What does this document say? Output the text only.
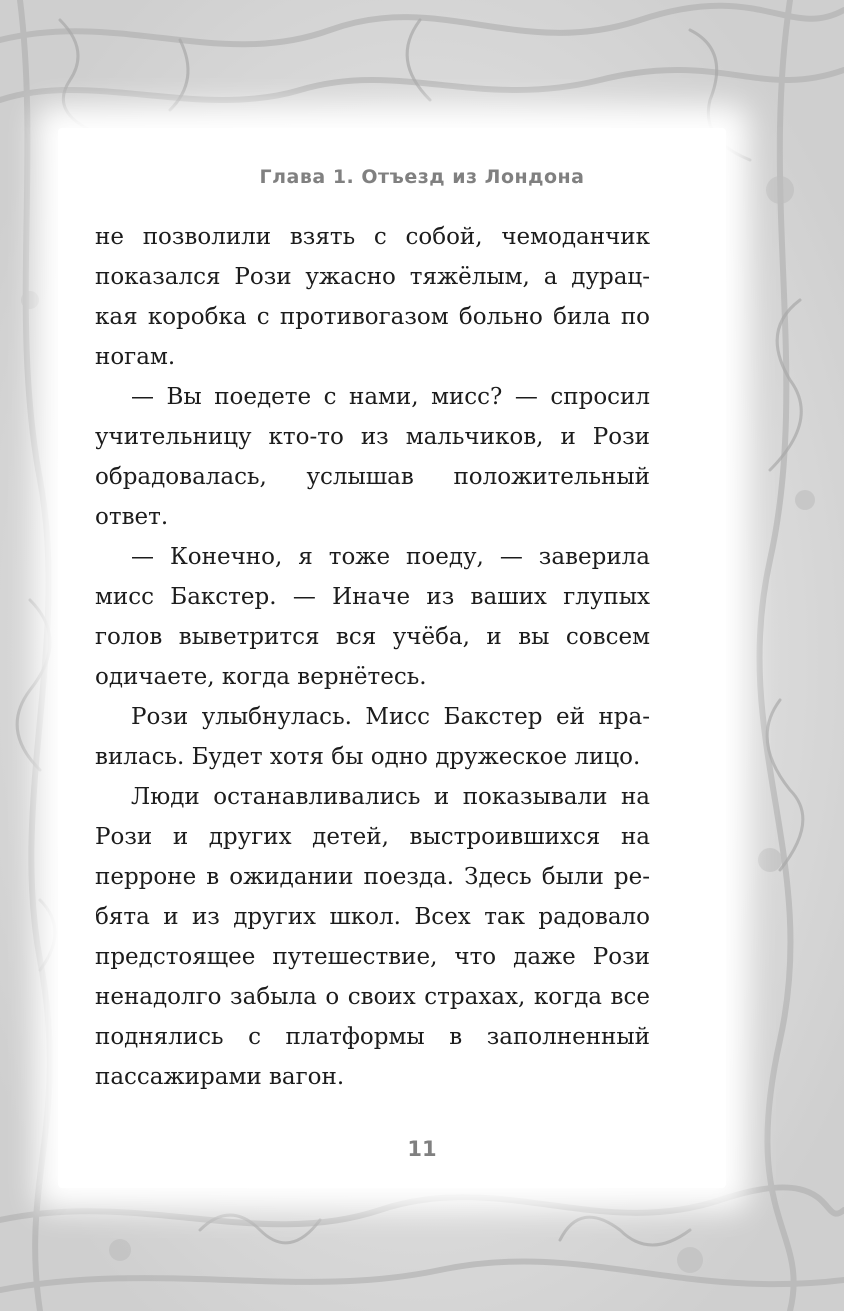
Глава 1. Отъезд из Лондона

не позволили взять с собой, чемоданчик показался Рози ужасно тяжёлым, а дурацкая коробка с противогазом больно била по ногам.

— Вы поедете с нами, мисс? — спросил учительницу кто-то из мальчиков, и Рози обрадовалась, услышав положительный ответ.

— Конечно, я тоже поеду, — заверила мисс Бакстер. — Иначе из ваших глупых голов выветрится вся учёба, и вы совсем одичаете, когда вернётесь.

Рози улыбнулась. Мисс Бакстер ей нравилась. Будет хотя бы одно дружеское лицо.

Люди останавливались и показывали на Рози и других детей, выстроившихся на перроне в ожидании поезда. Здесь были ребята и из других школ. Всех так радовало предстоящее путешествие, что даже Рози ненадолго забыла о своих страхах, когда все поднялись с платформы в заполненный пассажирами вагон.

11
